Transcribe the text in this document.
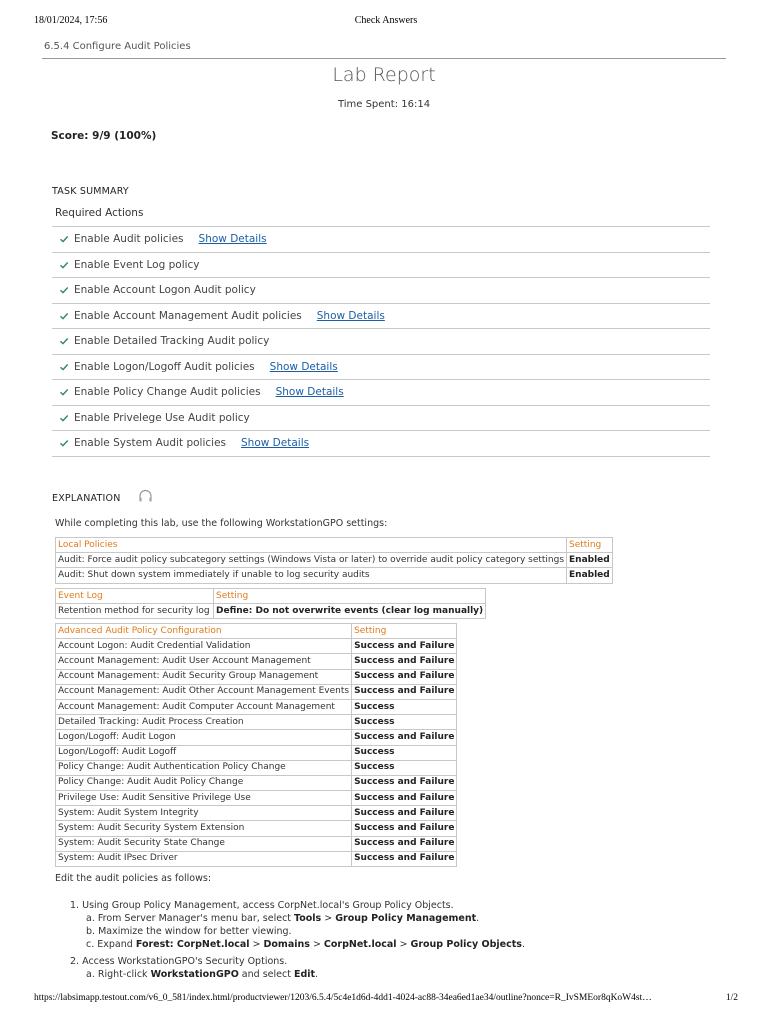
18/01/2024, 17:56	Check Answers
6.5.4 Configure Audit Policies
Lab Report
Time Spent: 16:14
Score: 9/9 (100%)
TASK SUMMARY
Required Actions
Enable Audit policies Show Details
Enable Event Log policy
Enable Account Logon Audit policy
Enable Account Management Audit policies Show Details
Enable Detailed Tracking Audit policy
Enable Logon/Logoff Audit policies Show Details
Enable Policy Change Audit policies Show Details
Enable Privelege Use Audit policy
Enable System Audit policies Show Details
EXPLANATION
While completing this lab, use the following WorkstationGPO settings:
Local Policies	Setting
Audit: Force audit policy subcategory settings (Windows Vista or later) to override audit policy category settings	Enabled
Audit: Shut down system immediately if unable to log security audits	Enabled
Event Log	Setting
Retention method for security log	Define: Do not overwrite events (clear log manually)
Advanced Audit Policy Configuration	Setting
Account Logon: Audit Credential Validation	Success and Failure
Account Management: Audit User Account Management	Success and Failure
Account Management: Audit Security Group Management	Success and Failure
Account Management: Audit Other Account Management Events	Success and Failure
Account Management: Audit Computer Account Management	Success
Detailed Tracking: Audit Process Creation	Success
Logon/Logoff: Audit Logon	Success and Failure
Logon/Logoff: Audit Logoff	Success
Policy Change: Audit Authentication Policy Change	Success
Policy Change: Audit Audit Policy Change	Success and Failure
Privilege Use: Audit Sensitive Privilege Use	Success and Failure
System: Audit System Integrity	Success and Failure
System: Audit Security System Extension	Success and Failure
System: Audit Security State Change	Success and Failure
System: Audit IPsec Driver	Success and Failure
Edit the audit policies as follows:
1. Using Group Policy Management, access CorpNet.local's Group Policy Objects.
a. From Server Manager's menu bar, select Tools > Group Policy Management.
b. Maximize the window for better viewing.
c. Expand Forest: CorpNet.local > Domains > CorpNet.local > Group Policy Objects.
2. Access WorkstationGPO's Security Options.
a. Right-click WorkstationGPO and select Edit.
https://labsimapp.testout.com/v6_0_581/index.html/productviewer/1203/6.5.4/5c4e1d6d-4dd1-4024-ac88-34ea6ed1ae34/outline?nonce=R_IvSMEor8qKoW4st…	1/2
